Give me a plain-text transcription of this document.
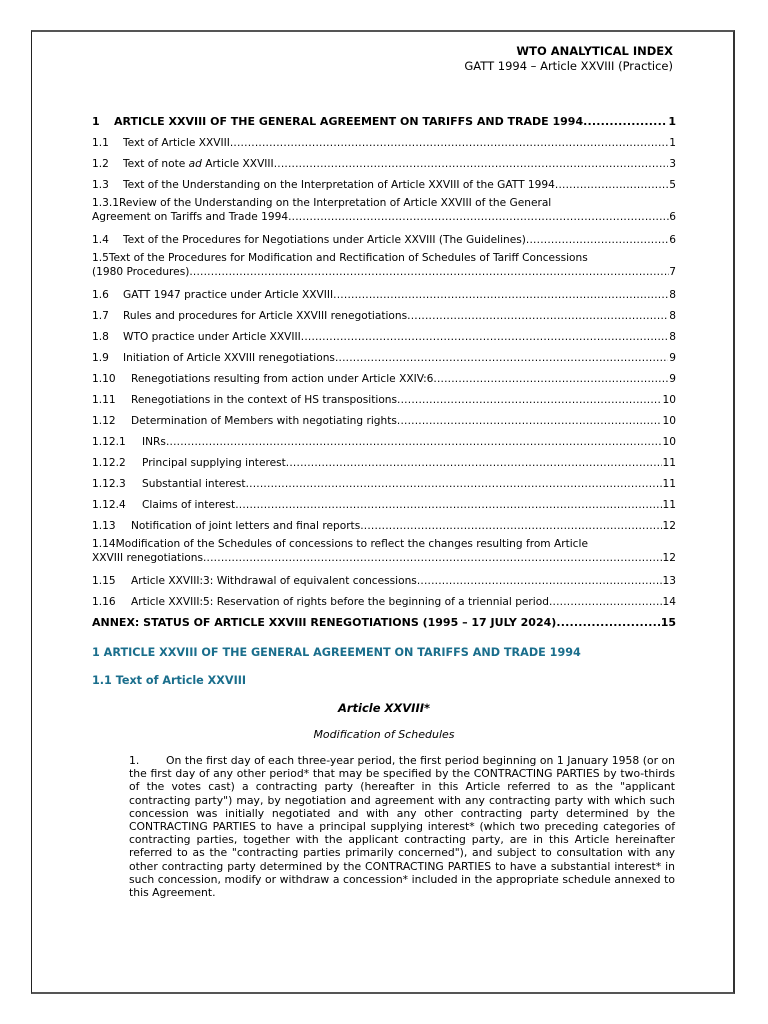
WTO ANALYTICAL INDEX
GATT 1994 – Article XXVIII (Practice)
1	ARTICLE XXVIII OF THE GENERAL AGREEMENT ON TARIFFS AND TRADE 1994 .....	1
1.1	Text of Article XXVIII .....	1
1.2	Text of note ad Article XXVIII .....	3
1.3	Text of the Understanding on the Interpretation of Article XXVIII of the GATT 1994 .....	5
1.3.1Review of the Understanding on the Interpretation of Article XXVIII of the General
Agreement on Tariffs and Trade 1994 .....	6
1.4	Text of the Procedures for Negotiations under Article XXVIII (The Guidelines) .....	6
1.5Text of the Procedures for Modification and Rectification of Schedules of Tariff Concessions
(1980 Procedures) .....	7
1.6	GATT 1947 practice under Article XXVIII .....	8
1.7	Rules and procedures for Article XXVIII renegotiations .....	8
1.8	WTO practice under Article XXVIII .....	8
1.9	Initiation of Article XXVIII renegotiations .....	9
1.10	Renegotiations resulting from action under Article XXIV:6 .....	9
1.11	Renegotiations in the context of HS transpositions .....	10
1.12	Determination of Members with negotiating rights .....	10
1.12.1	INRs .....	10
1.12.2	Principal supplying interest .....	11
1.12.3	Substantial interest .....	11
1.12.4	Claims of interest .....	11
1.13	Notification of joint letters and final reports .....	12
1.14Modification of the Schedules of concessions to reflect the changes resulting from Article
XXVIII renegotiations .....	12
1.15	Article XXVIII:3: Withdrawal of equivalent concessions .....	13
1.16	Article XXVIII:5: Reservation of rights before the beginning of a triennial period .....	14
ANNEX: STATUS OF ARTICLE XXVIII RENEGOTIATIONS (1995 – 17 JULY 2024) .....	15
1 ARTICLE XXVIII OF THE GENERAL AGREEMENT ON TARIFFS AND TRADE 1994
1.1 Text of Article XXVIII
Article XXVIII*
Modification of Schedules
1. On the first day of each three-year period, the first period beginning on 1 January 1958 (or on the first day of any other period* that may be specified by the CONTRACTING PARTIES by two-thirds of the votes cast) a contracting party (hereafter in this Article referred to as the "applicant contracting party") may, by negotiation and agreement with any contracting party with which such concession was initially negotiated and with any other contracting party determined by the CONTRACTING PARTIES to have a principal supplying interest* (which two preceding categories of contracting parties, together with the applicant contracting party, are in this Article hereinafter referred to as the "contracting parties primarily concerned"), and subject to consultation with any other contracting party determined by the CONTRACTING PARTIES to have a substantial interest* in such concession, modify or withdraw a concession* included in the appropriate schedule annexed to this Agreement.
